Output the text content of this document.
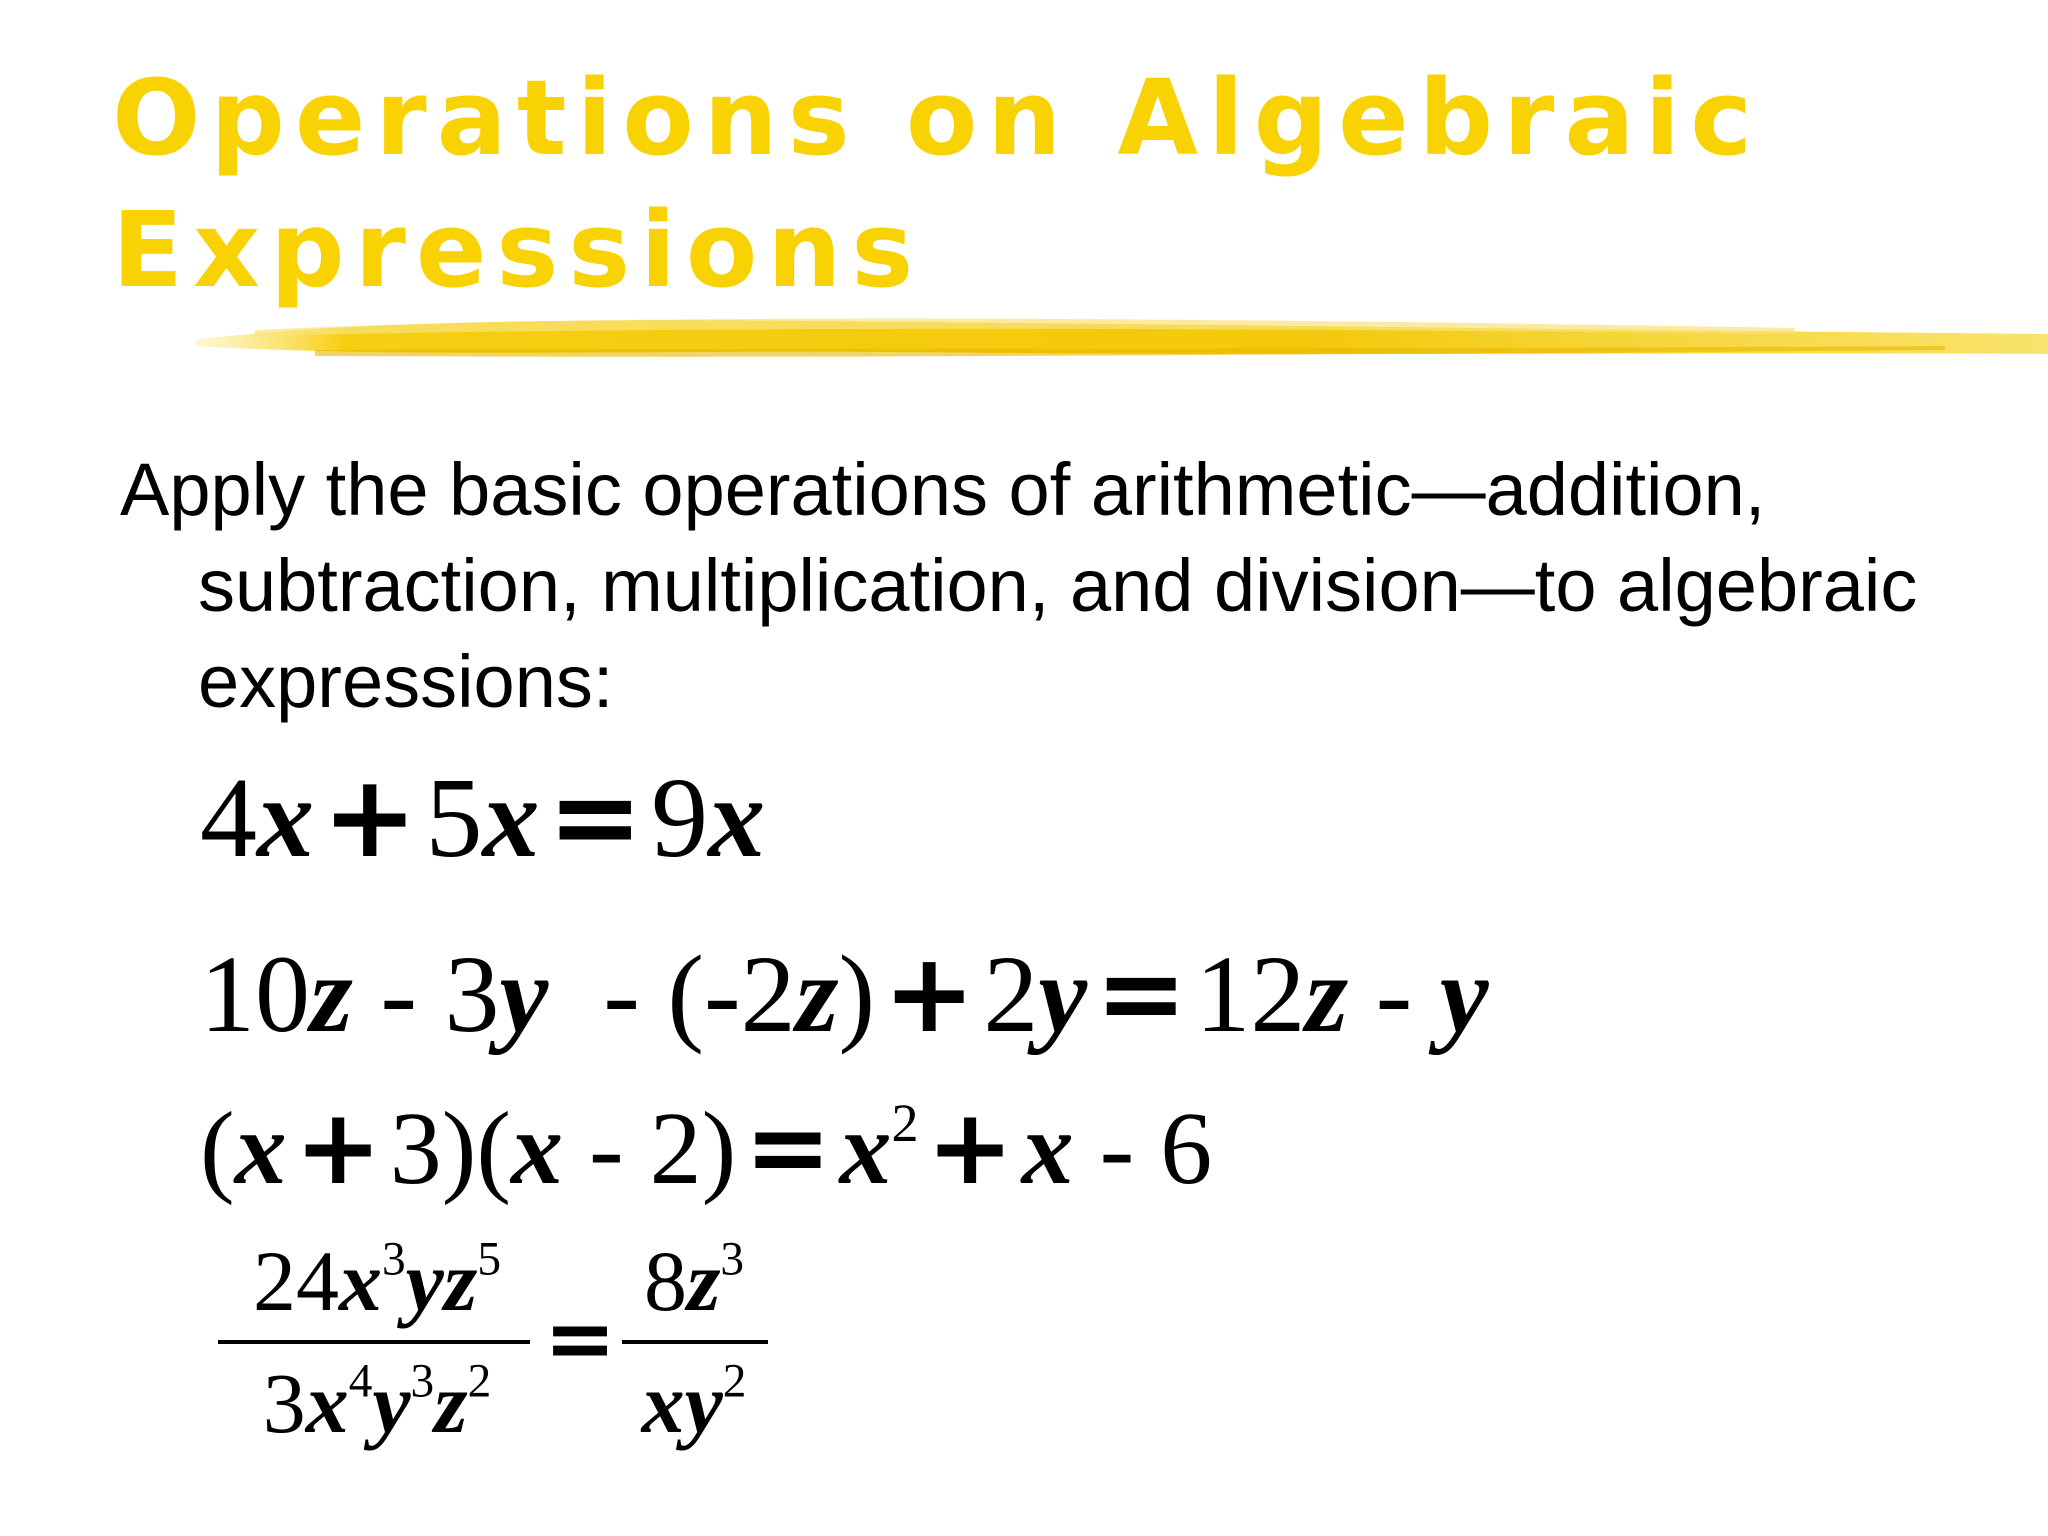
Operations on Algebraic
Expressions
Apply the basic operations of arithmetic—addition, subtraction, multiplication, and division—to algebraic expressions:
4x+5x=9x
10z - 3y  - (-2z)+2y=12z - y
$(x+3)(x - 2)=x^2+x - 6$
$24x^3yz^5$
$3x^4y^3z^2$ =
$8z^3$
$xy^2$
